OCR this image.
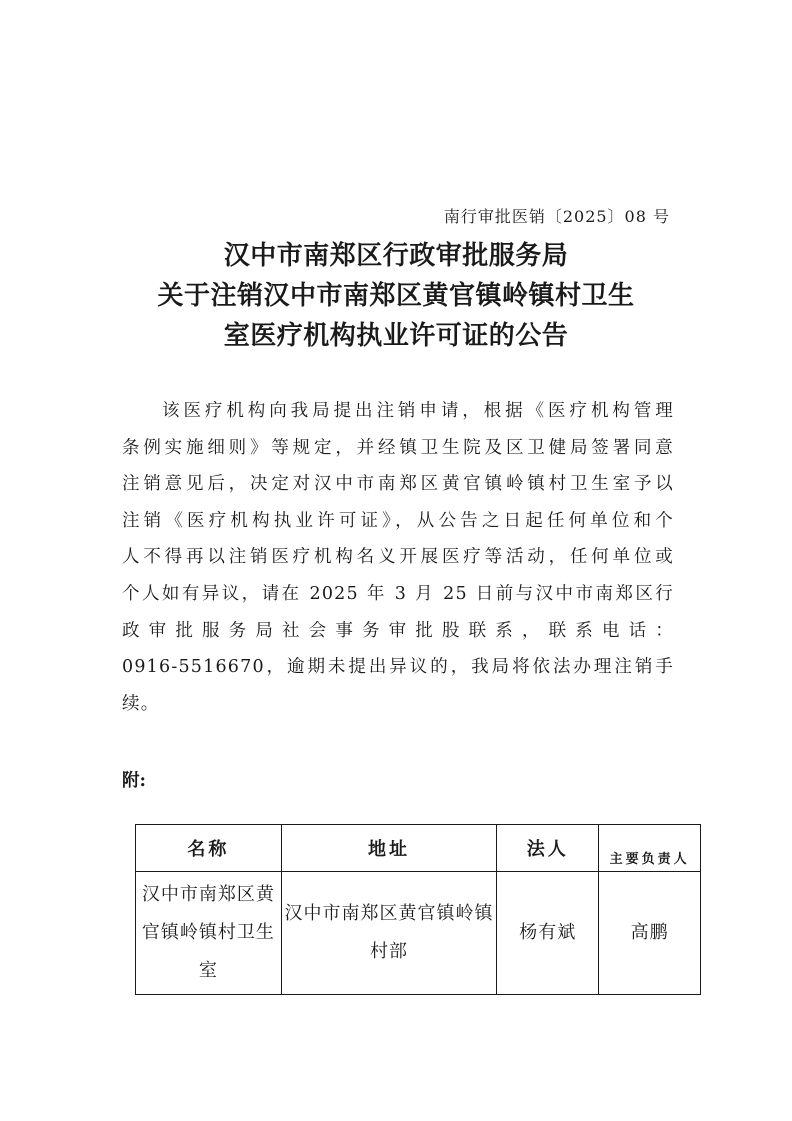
南行审批医销〔2025〕08 号
汉中市南郑区行政审批服务局
关于注销汉中市南郑区黄官镇岭镇村卫生
室医疗机构执业许可证的公告
该医疗机构向我局提出注销申请，根据《医疗机构管理
条例实施细则》等规定，并经镇卫生院及区卫健局签署同意
注销意见后，决定对汉中市南郑区黄官镇岭镇村卫生室予以
注销《医疗机构执业许可证》，从公告之日起任何单位和个
人不得再以注销医疗机构名义开展医疗等活动，任何单位或
个人如有异议，请在 2025 年 3 月 25 日前与汉中市南郑区行
政审批服务局社会事务审批股联系，联系电话：
0916-5516670，逾期未提出异议的，我局将依法办理注销手
续。
附:
名称	地址	法人	主要负责人
汉中市南郑区黄官镇岭镇村卫生室	汉中市南郑区黄官镇岭镇村部	杨有斌	高鹏
